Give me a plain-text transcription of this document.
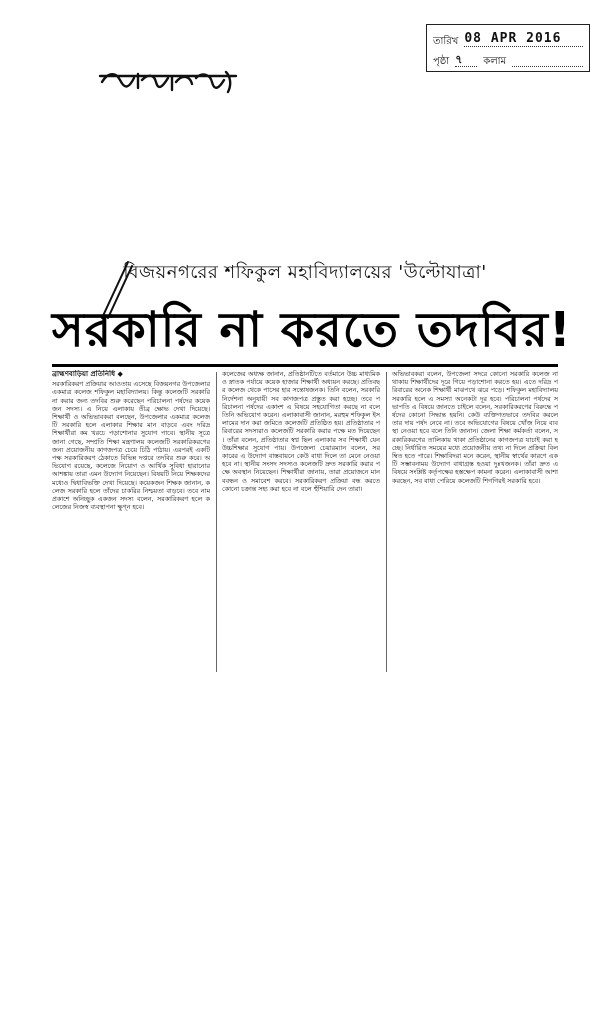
তারিখ 08 APR 2016
পৃষ্ঠা ৭	কলাম
বিজয়নগরের শফিকুল মহাবিদ্যালয়ের 'উল্টোযাত্রা'
সরকারি না করতে তদবির!

ব্রাহ্মণবাড়িয়া প্রতিনিধি ◆

সরকারিকরণ প্রক্রিয়ার আওতায় এসেছে বিজয়নগর উপজেলার একমাত্র কলেজ শফিকুল মহাবিদ্যালয়। কিন্তু কলেজটি সরকারি না করার জন্য তদবির শুরু করেছেন পরিচালনা পর্ষদের কয়েকজন সদস্য। এ নিয়ে এলাকায় তীব্র ক্ষোভ দেখা দিয়েছে। শিক্ষার্থী ও অভিভাবকরা বলছেন, উপজেলার একমাত্র কলেজটি সরকারি হলে এলাকার শিক্ষার মান বাড়বে এবং দরিদ্র শিক্ষার্থীরা কম খরচে পড়াশোনার সুযোগ পাবে। স্থানীয় সূত্রে জানা গেছে, সম্প্রতি শিক্ষা মন্ত্রণালয় কলেজটি সরকারিকরণের জন্য প্রয়োজনীয় কাগজপত্র চেয়ে চিঠি পাঠায়। এরপরই একটি পক্ষ সরকারিকরণ ঠেকাতে বিভিন্ন দপ্তরে তদবির শুরু করে। অভিযোগ রয়েছে, কলেজে নিয়োগ ও আর্থিক সুবিধা হারানোর আশঙ্কায় তারা এমন উদ্যোগ নিয়েছেন। বিষয়টি নিয়ে শিক্ষকদের মধ্যেও দ্বিধাবিভক্তি দেখা দিয়েছে। কয়েকজন শিক্ষক জানান, কলেজ সরকারি হলে তাঁদের চাকরির নিশ্চয়তা বাড়বে। তবে নাম প্রকাশে অনিচ্ছুক একজন সদস্য বলেন, সরকারিকরণ হলে কলেজের নিজস্ব ব্যবস্থাপনা ক্ষুণ্ন হবে।

কলেজের অধ্যক্ষ জানান, প্রতিষ্ঠানটিতে বর্তমানে উচ্চ মাধ্যমিক ও স্নাতক পর্যায়ে কয়েক হাজার শিক্ষার্থী অধ্যয়ন করছে। প্রতিবছর কলেজ থেকে পাসের হার সন্তোষজনক। তিনি বলেন, সরকারি নির্দেশনা অনুযায়ী সব কাগজপত্র প্রস্তুত করা হচ্ছে। তবে পরিচালনা পর্ষদের একাংশ এ বিষয়ে সহযোগিতা করছে না বলে তিনি অভিযোগ করেন। এলাকাবাসী জানান, মরহুম শফিকুল ইসলামের দান করা জমিতে কলেজটি প্রতিষ্ঠিত হয়। প্রতিষ্ঠাতার পরিবারের সদস্যরাও কলেজটি সরকারি করার পক্ষে মত দিয়েছেন। তাঁরা বলেন, প্রতিষ্ঠাতার স্বপ্ন ছিল এলাকার সব শিক্ষার্থী যেন উচ্চশিক্ষার সুযোগ পায়। উপজেলা চেয়ারম্যান বলেন, সরকারের এ উদ্যোগ বাস্তবায়নে কেউ বাধা দিলে তা মেনে নেওয়া হবে না। স্থানীয় সংসদ সদস্যও কলেজটি দ্রুত সরকারি করার পক্ষে অবস্থান নিয়েছেন। শিক্ষার্থীরা জানায়, তারা প্রয়োজনে মানববন্ধন ও সমাবেশ করবে। সরকারিকরণ প্রক্রিয়া বন্ধ করতে কোনো চক্রান্ত সহ্য করা হবে না বলে হুঁশিয়ারি দেন তারা।

অভিভাবকরা বলেন, উপজেলা সদরে কোনো সরকারি কলেজ না থাকায় শিক্ষার্থীদের দূরে গিয়ে পড়াশোনা করতে হয়। এতে দরিদ্র পরিবারের অনেক শিক্ষার্থী মাঝপথে ঝরে পড়ে। শফিকুল মহাবিদ্যালয় সরকারি হলে এ সমস্যা অনেকটা দূর হবে। পরিচালনা পর্ষদের সভাপতি এ বিষয়ে জানতে চাইলে বলেন, সরকারিকরণের বিরুদ্ধে পর্ষদের কোনো সিদ্ধান্ত হয়নি। কেউ ব্যক্তিগতভাবে তদবির করলে তার দায় পর্ষদ নেবে না। তবে অভিযোগের বিষয়ে খোঁজ নিয়ে ব্যবস্থা নেওয়া হবে বলে তিনি জানান। জেলা শিক্ষা কর্মকর্তা বলেন, সরকারিকরণের তালিকায় থাকা প্রতিষ্ঠানের কাগজপত্র যাচাই করা হচ্ছে। নির্ধারিত সময়ের মধ্যে প্রয়োজনীয় তথ্য না দিলে প্রক্রিয়া বিলম্বিত হতে পারে। শিক্ষাবিদরা মনে করেন, স্থানীয় স্বার্থের কারণে একটি সম্ভাবনাময় উদ্যোগ বাধাগ্রস্ত হওয়া দুঃখজনক। তাঁরা দ্রুত এ বিষয়ে সংশ্লিষ্ট কর্তৃপক্ষের হস্তক্ষেপ কামনা করেন। এলাকাবাসী আশা করছেন, সব বাধা পেরিয়ে কলেজটি শিগগিরই সরকারি হবে।
